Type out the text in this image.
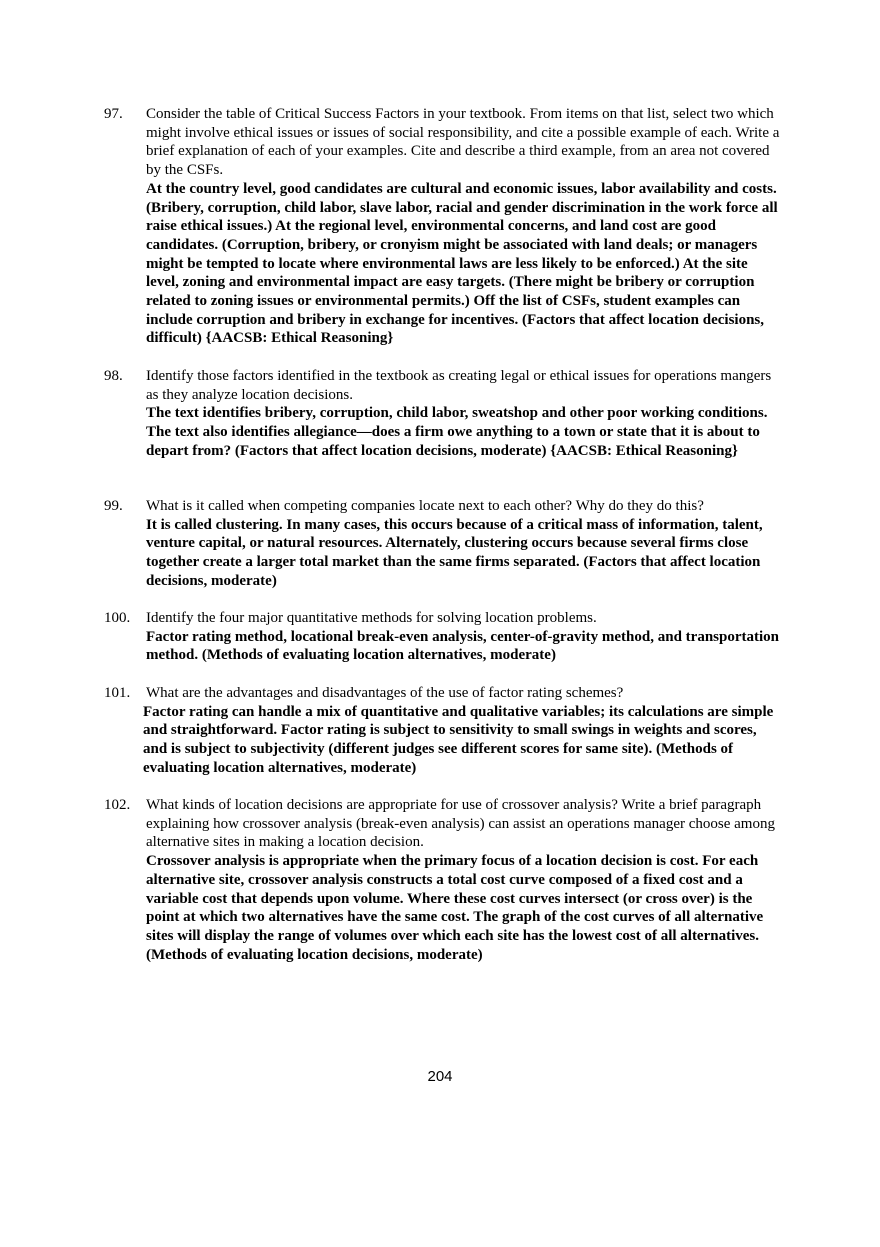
97. Consider the table of Critical Success Factors in your textbook. From items on that list, select two which might involve ethical issues or issues of social responsibility, and cite a possible example of each. Write a brief explanation of each of your examples. Cite and describe a third example, from an area not covered by the CSFs.
At the country level, good candidates are cultural and economic issues, labor availability and costs. (Bribery, corruption, child labor, slave labor, racial and gender discrimination in the work force all raise ethical issues.) At the regional level, environmental concerns, and land cost are good candidates. (Corruption, bribery, or cronyism might be associated with land deals; or managers might be tempted to locate where environmental laws are less likely to be enforced.) At the site level, zoning and environmental impact are easy targets. (There might be bribery or corruption related to zoning issues or environmental permits.) Off the list of CSFs, student examples can include corruption and bribery in exchange for incentives. (Factors that affect location decisions, difficult) {AACSB: Ethical Reasoning}
98. Identify those factors identified in the textbook as creating legal or ethical issues for operations mangers as they analyze location decisions.
The text identifies bribery, corruption, child labor, sweatshop and other poor working conditions. The text also identifies allegiance—does a firm owe anything to a town or state that it is about to depart from? (Factors that affect location decisions, moderate) {AACSB: Ethical Reasoning}
99. What is it called when competing companies locate next to each other? Why do they do this?
It is called clustering. In many cases, this occurs because of a critical mass of information, talent, venture capital, or natural resources. Alternately, clustering occurs because several firms close together create a larger total market than the same firms separated. (Factors that affect location decisions, moderate)
100. Identify the four major quantitative methods for solving location problems.
Factor rating method, locational break-even analysis, center-of-gravity method, and transportation method. (Methods of evaluating location alternatives, moderate)
101. What are the advantages and disadvantages of the use of factor rating schemes?
Factor rating can handle a mix of quantitative and qualitative variables; its calculations are simple and straightforward. Factor rating is subject to sensitivity to small swings in weights and scores, and is subject to subjectivity (different judges see different scores for same site). (Methods of evaluating location alternatives, moderate)
102. What kinds of location decisions are appropriate for use of crossover analysis? Write a brief paragraph explaining how crossover analysis (break-even analysis) can assist an operations manager choose among alternative sites in making a location decision.
Crossover analysis is appropriate when the primary focus of a location decision is cost. For each alternative site, crossover analysis constructs a total cost curve composed of a fixed cost and a variable cost that depends upon volume. Where these cost curves intersect (or cross over) is the point at which two alternatives have the same cost. The graph of the cost curves of all alternative sites will display the range of volumes over which each site has the lowest cost of all alternatives. (Methods of evaluating location decisions, moderate)
204
